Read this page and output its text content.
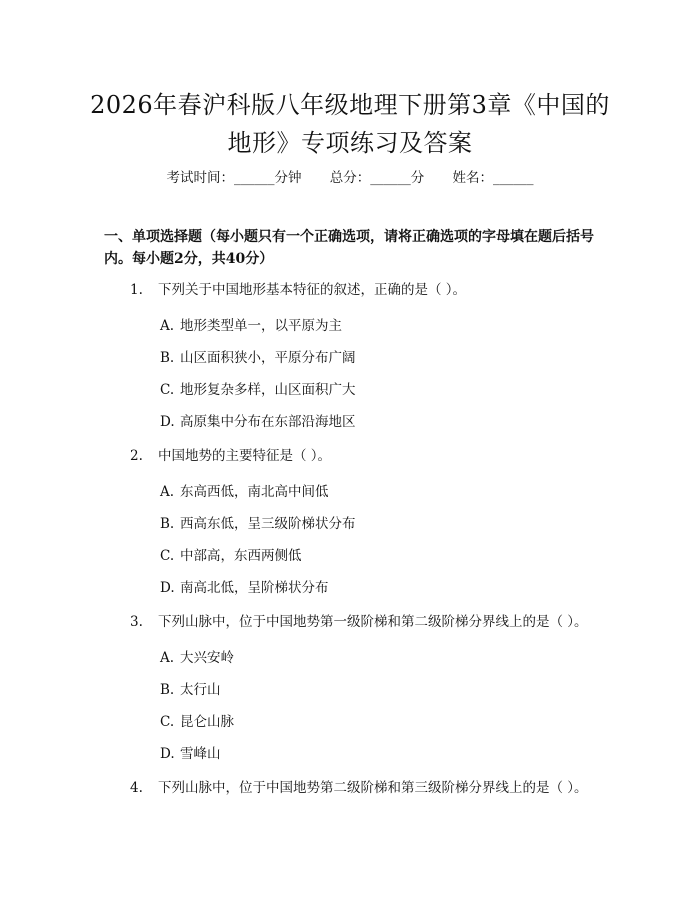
2026年春沪科版八年级地理下册第3章《中国的地形》专项练习及答案
考试时间：______分钟 总分：______分 姓名：______
一、单项选择题（每小题只有一个正确选项，请将正确选项的字母填在题后括号内。每小题2分，共40分）

1. 下列关于中国地形基本特征的叙述，正确的是（ ）。

A. 地形类型单一，以平原为主
B. 山区面积狭小，平原分布广阔
C. 地形复杂多样，山区面积广大
D. 高原集中分布在东部沿海地区

2. 中国地势的主要特征是（ ）。

A. 东高西低，南北高中间低
B. 西高东低，呈三级阶梯状分布
C. 中部高，东西两侧低
D. 南高北低，呈阶梯状分布

3. 下列山脉中，位于中国地势第一级阶梯和第二级阶梯分界线上的是（ ）。

A. 大兴安岭
B. 太行山
C. 昆仑山脉
D. 雪峰山

4. 下列山脉中，位于中国地势第二级阶梯和第三级阶梯分界线上的是（ ）。
